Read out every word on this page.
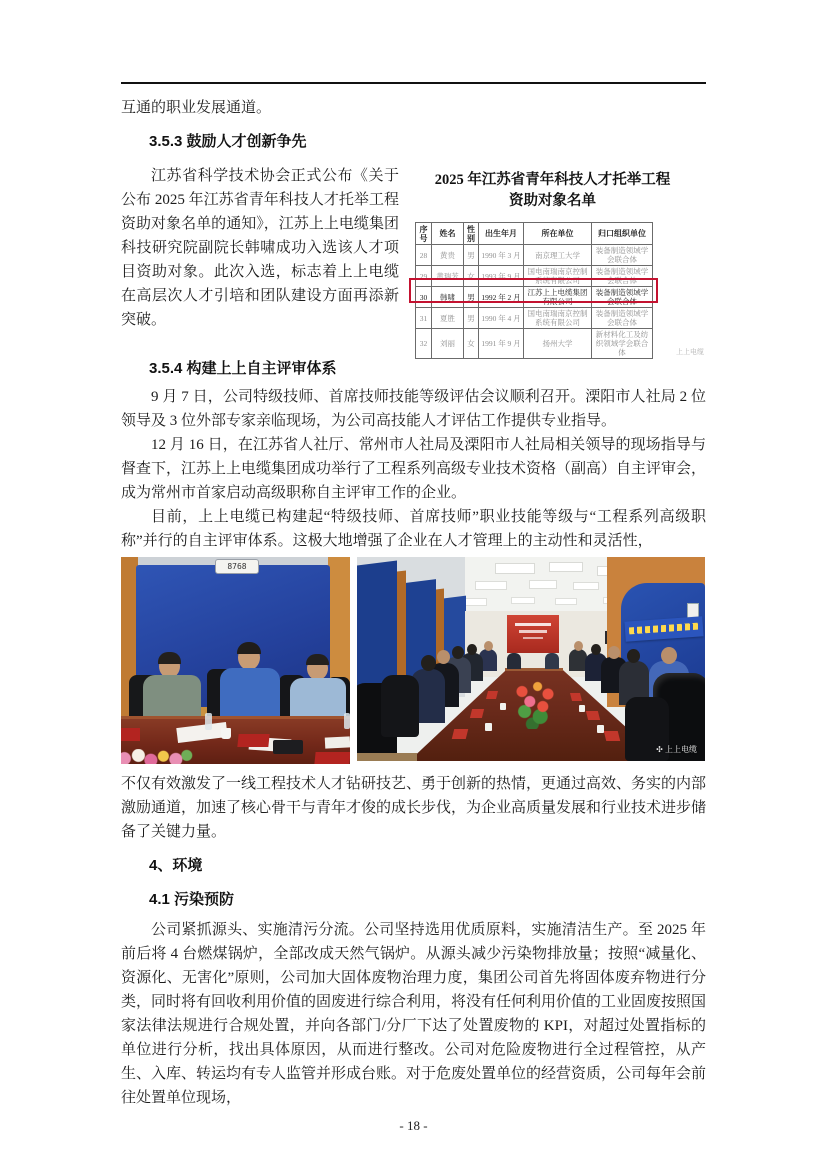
互通的职业发展通道。

3.5.3 鼓励人才创新争先

江苏省科学技术协会正式公布《关于公布 2025 年江苏省青年科技人才托举工程资助对象名单的通知》，江苏上上电缆集团科技研究院副院长韩啸成功入选该人才项目资助对象。此次入选，标志着上上电缆在高层次人才引培和团队建设方面再添新突破。

2025 年江苏省青年科技人才托举工程
资助对象名单
序号	姓名	性别	出生年月	所在单位	归口组织单位
28	黄贵	男	1990 年 3 月	南京理工大学	装备制造领域学会联合体
29	黄瑞芳	女	1993 年 9 月	国电南瑞南京控制系统有限公司	装备制造领域学会联合体
30	韩啸	男	1992 年 2 月	江苏上上电缆集团有限公司	装备制造领域学会联合体
31	夏胜	男	1990 年 4 月	国电南瑞南京控制系统有限公司	装备制造领域学会联合体
32	刘丽	女	1991 年 9 月	扬州大学	新材料化工及纺织领域学会联合体	上上电缆

3.5.4 构建上上自主评审体系

9 月 7 日，公司特级技师、首席技师技能等级评估会议顺利召开。溧阳市人社局 2 位领导及 3 位外部专家亲临现场，为公司高技能人才评估工作提供专业指导。

12 月 16 日，在江苏省人社厅、常州市人社局及溧阳市人社局相关领导的现场指导与督查下，江苏上上电缆集团成功举行了工程系列高级专业技术资格（副高）自主评审会，成为常州市首家启动高级职称自主评审工作的企业。

目前，上上电缆已构建起“特级技师、首席技师”职业技能等级与“工程系列高级职称”并行的自主评审体系。这极大地增强了企业在人才管理上的主动性和灵活性，

8768
✣ 上上电缆

不仅有效激发了一线工程技术人才钻研技艺、勇于创新的热情，更通过高效、务实的内部激励通道，加速了核心骨干与青年才俊的成长步伐，为企业高质量发展和行业技术进步储备了关键力量。

4、环境

4.1 污染预防

公司紧抓源头、实施清污分流。公司坚持选用优质原料，实施清洁生产。至 2025 年前后将 4 台燃煤锅炉，全部改成天然气锅炉。从源头减少污染物排放量；按照“减量化、资源化、无害化”原则，公司加大固体废物治理力度，集团公司首先将固体废弃物进行分类，同时将有回收利用价值的固废进行综合利用，将没有任何利用价值的工业固废按照国家法律法规进行合规处置，并向各部门/分厂下达了处置废物的 KPI，对超过处置指标的单位进行分析，找出具体原因，从而进行整改。公司对危险废物进行全过程管控，从产生、入库、转运均有专人监管并形成台账。对于危废处置单位的经营资质，公司每年会前往处置单位现场，

- 18 -
